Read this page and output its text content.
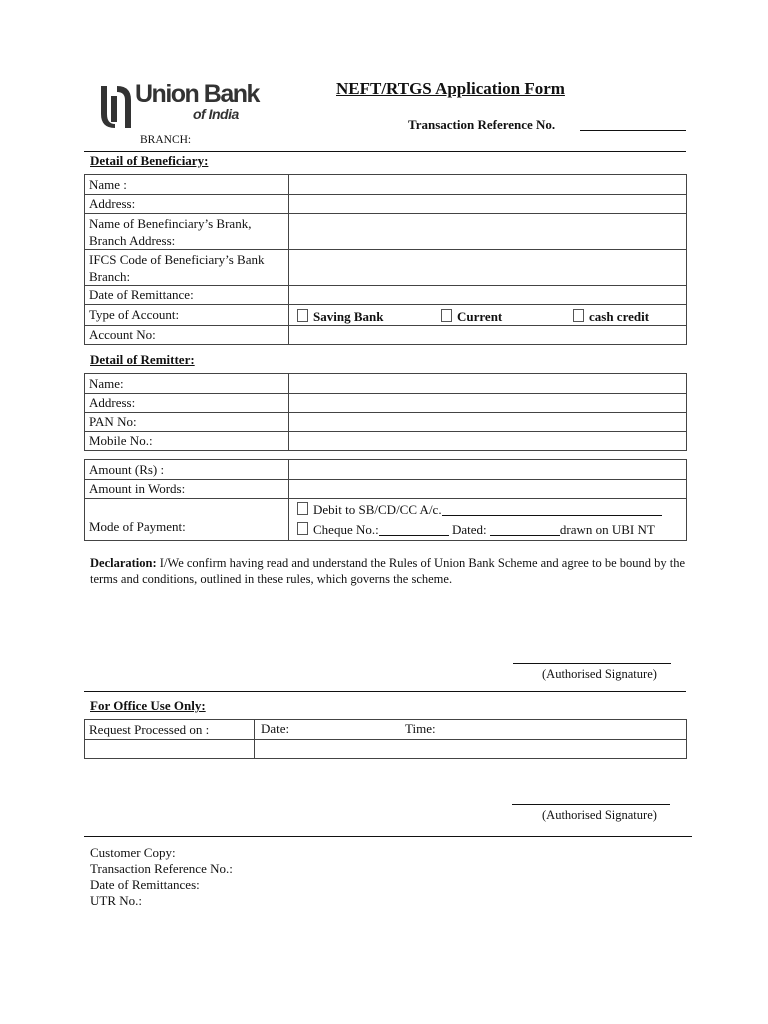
Union Bank
of India
NEFT/RTGS Application Form
Transaction Reference No.
BRANCH:
Detail of Beneficiary:
Name :	
Address:	

Name of Benefinciary’s Brank,
Branch Address:	

IFCS Code of Beneficiary’s Bank
Branch:	

Date of Remittance:	
Type of Account:	Saving Bank Current cash credit

Account No:	
Detail of Remitter:
Name:	
Address:	
PAN No:	
Mobile No.:	
Amount (Rs) :	
Amount in Words:	
Mode of Payment:	Debit to SB/CD/CC A/c.
Cheque No.: Dated: drawn on UBI NT
Declaration: I/We confirm having read and understand the Rules of Union Bank Scheme and agree to be bound by the terms and conditions, outlined in these rules, which governs the scheme.
(Authorised Signature)
For Office Use Only:
Request Processed on :	Date: Time:

(Authorised Signature)
Customer Copy:
Transaction Reference No.:
Date of Remittances:
UTR No.:
